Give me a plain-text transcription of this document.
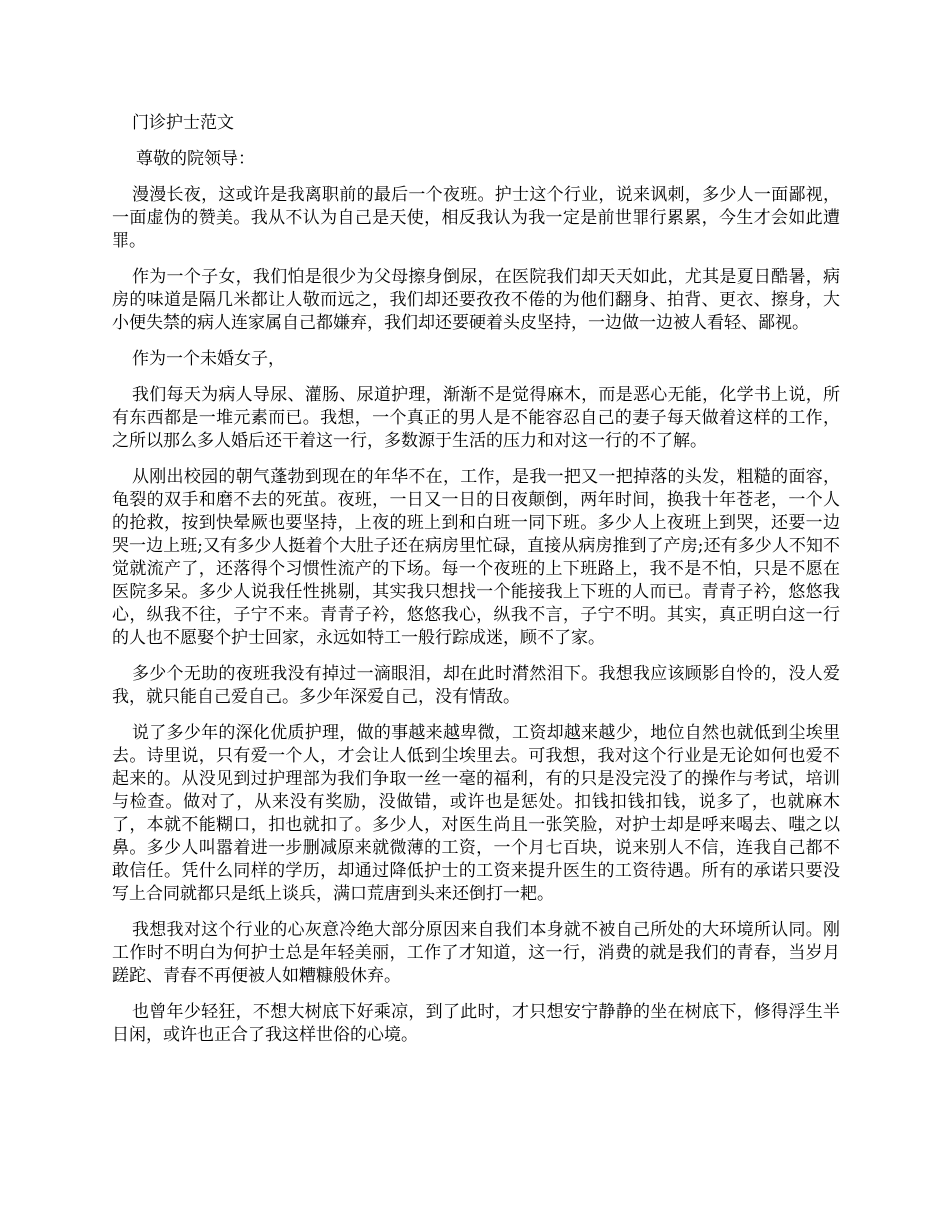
门诊护士范文

尊敬的院领导：

漫漫长夜，这或许是我离职前的最后一个夜班。护士这个行业，说来讽刺，多少人一面鄙视，一面虚伪的赞美。我从不认为自己是天使，相反我认为我一定是前世罪行累累，今生才会如此遭罪。

作为一个子女，我们怕是很少为父母擦身倒尿，在医院我们却天天如此，尤其是夏日酷暑，病房的味道是隔几米都让人敬而远之，我们却还要孜孜不倦的为他们翻身、拍背、更衣、擦身，大小便失禁的病人连家属自己都嫌弃，我们却还要硬着头皮坚持，一边做一边被人看轻、鄙视。

作为一个未婚女子，

我们每天为病人导尿、灌肠、尿道护理，渐渐不是觉得麻木，而是恶心无能，化学书上说，所有东西都是一堆元素而已。我想，一个真正的男人是不能容忍自己的妻子每天做着这样的工作，之所以那么多人婚后还干着这一行，多数源于生活的压力和对这一行的不了解。

从刚出校园的朝气蓬勃到现在的年华不在，工作，是我一把又一把掉落的头发，粗糙的面容，龟裂的双手和磨不去的死茧。夜班，一日又一日的日夜颠倒，两年时间，换我十年苍老，一个人的抢救，按到快晕厥也要坚持，上夜的班上到和白班一同下班。多少人上夜班上到哭，还要一边哭一边上班;又有多少人挺着个大肚子还在病房里忙碌，直接从病房推到了产房;还有多少人不知不觉就流产了，还落得个习惯性流产的下场。每一个夜班的上下班路上，我不是不怕，只是不愿在医院多呆。多少人说我任性挑剔，其实我只想找一个能接我上下班的人而已。青青子衿，悠悠我心，纵我不往，子宁不来。青青子衿，悠悠我心，纵我不言，子宁不明。其实，真正明白这一行的人也不愿娶个护士回家，永远如特工一般行踪成迷，顾不了家。

多少个无助的夜班我没有掉过一滴眼泪，却在此时潸然泪下。我想我应该顾影自怜的，没人爱我，就只能自己爱自己。多少年深爱自己，没有情敌。

说了多少年的深化优质护理，做的事越来越卑微，工资却越来越少，地位自然也就低到尘埃里去。诗里说，只有爱一个人，才会让人低到尘埃里去。可我想，我对这个行业是无论如何也爱不起来的。从没见到过护理部为我们争取一丝一毫的福利，有的只是没完没了的操作与考试，培训与检查。做对了，从来没有奖励，没做错，或许也是惩处。扣钱扣钱扣钱，说多了，也就麻木了，本就不能糊口，扣也就扣了。多少人，对医生尚且一张笑脸，对护士却是呼来喝去、嗤之以鼻。多少人叫嚣着进一步删减原来就微薄的工资，一个月七百块，说来别人不信，连我自己都不敢信任。凭什么同样的学历，却通过降低护士的工资来提升医生的工资待遇。所有的承诺只要没写上合同就都只是纸上谈兵，满口荒唐到头来还倒打一耙。

我想我对这个行业的心灰意冷绝大部分原因来自我们本身就不被自己所处的大环境所认同。刚工作时不明白为何护士总是年轻美丽，工作了才知道，这一行，消费的就是我们的青春，当岁月蹉跎、青春不再便被人如糟糠般休弃。

也曾年少轻狂，不想大树底下好乘凉，到了此时，才只想安宁静静的坐在树底下，修得浮生半日闲，或许也正合了我这样世俗的心境。
